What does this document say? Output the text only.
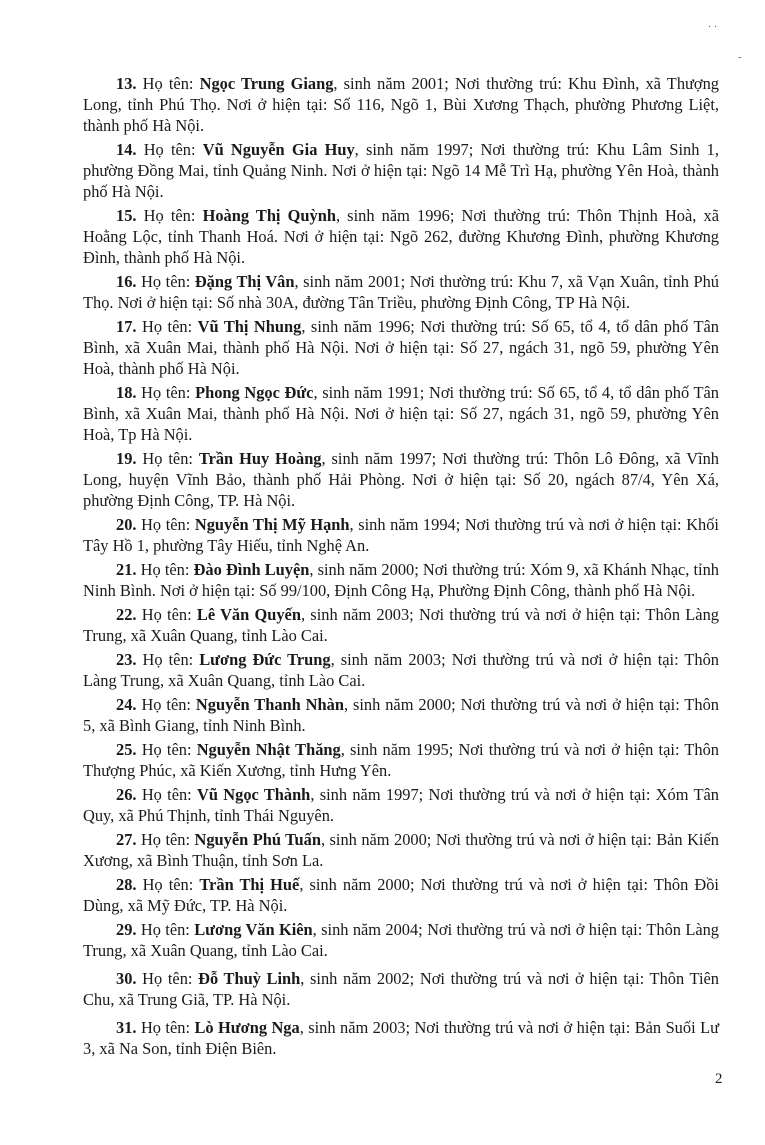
· ·
-

13. Họ tên: Ngọc Trung Giang, sinh năm 2001; Nơi thường trú: Khu Đình, xã Thượng Long, tỉnh Phú Thọ. Nơi ở hiện tại: Số 116, Ngõ 1, Bùi Xương Thạch, phường Phương Liệt, thành phố Hà Nội.

14. Họ tên: Vũ Nguyễn Gia Huy, sinh năm 1997; Nơi thường trú: Khu Lâm Sinh 1, phường Đồng Mai, tỉnh Quảng Ninh. Nơi ở hiện tại: Ngõ 14 Mễ Trì Hạ, phường Yên Hoà, thành phố Hà Nội.

15. Họ tên: Hoàng Thị Quỳnh, sinh năm 1996; Nơi thường trú: Thôn Thịnh Hoà, xã Hoằng Lộc, tỉnh Thanh Hoá. Nơi ở hiện tại: Ngõ 262, đường Khương Đình, phường Khương Đình, thành phố Hà Nội.

16. Họ tên: Đặng Thị Vân, sinh năm 2001; Nơi thường trú: Khu 7, xã Vạn Xuân, tỉnh Phú Thọ. Nơi ở hiện tại: Số nhà 30A, đường Tân Triều, phường Định Công, TP Hà Nội.

17. Họ tên: Vũ Thị Nhung, sinh năm 1996; Nơi thường trú: Số 65, tổ 4, tổ dân phố Tân Bình, xã Xuân Mai, thành phố Hà Nội. Nơi ở hiện tại: Số 27, ngách 31, ngõ 59, phường Yên Hoà, thành phố Hà Nội.

18. Họ tên: Phong Ngọc Đức, sinh năm 1991; Nơi thường trú: Số 65, tổ 4, tổ dân phố Tân Bình, xã Xuân Mai, thành phố Hà Nội. Nơi ở hiện tại: Số 27, ngách 31, ngõ 59, phường Yên Hoà, Tp Hà Nội.

19. Họ tên: Trần Huy Hoàng, sinh năm 1997; Nơi thường trú: Thôn Lô Đông, xã Vĩnh Long, huyện Vĩnh Bảo, thành phố Hải Phòng. Nơi ở hiện tại: Số 20, ngách 87/4, Yên Xá, phường Định Công, TP. Hà Nội.

20. Họ tên: Nguyễn Thị Mỹ Hạnh, sinh năm 1994; Nơi thường trú và nơi ở hiện tại: Khối Tây Hồ 1, phường Tây Hiếu, tỉnh Nghệ An.

21. Họ tên: Đào Đình Luyện, sinh năm 2000; Nơi thường trú: Xóm 9, xã Khánh Nhạc, tỉnh Ninh Bình. Nơi ở hiện tại: Số 99/100, Định Công Hạ, Phường Định Công, thành phố Hà Nội.

22. Họ tên: Lê Văn Quyến, sinh năm 2003; Nơi thường trú và nơi ở hiện tại: Thôn Làng Trung, xã Xuân Quang, tỉnh Lào Cai.

23. Họ tên: Lương Đức Trung, sinh năm 2003; Nơi thường trú và nơi ở hiện tại: Thôn Làng Trung, xã Xuân Quang, tỉnh Lào Cai.

24. Họ tên: Nguyễn Thanh Nhàn, sinh năm 2000; Nơi thường trú và nơi ở hiện tại: Thôn 5, xã Bình Giang, tỉnh Ninh Bình.

25. Họ tên: Nguyễn Nhật Thăng, sinh năm 1995; Nơi thường trú và nơi ở hiện tại: Thôn Thượng Phúc, xã Kiến Xương, tỉnh Hưng Yên.

26. Họ tên: Vũ Ngọc Thành, sinh năm 1997; Nơi thường trú và nơi ở hiện tại: Xóm Tân Quy, xã Phú Thịnh, tỉnh Thái Nguyên.

27. Họ tên: Nguyễn Phú Tuấn, sinh năm 2000; Nơi thường trú và nơi ở hiện tại: Bản Kiến Xương, xã Bình Thuận, tỉnh Sơn La.

28. Họ tên: Trần Thị Huế, sinh năm 2000; Nơi thường trú và nơi ở hiện tại: Thôn Đồi Dùng, xã Mỹ Đức, TP. Hà Nội.

29. Họ tên: Lương Văn Kiên, sinh năm 2004; Nơi thường trú và nơi ở hiện tại: Thôn Làng Trung, xã Xuân Quang, tỉnh Lào Cai.

30. Họ tên: Đỗ Thuỳ Linh, sinh năm 2002; Nơi thường trú và nơi ở hiện tại: Thôn Tiên Chu, xã Trung Giã, TP. Hà Nội.

31. Họ tên: Lò Hương Nga, sinh năm 2003; Nơi thường trú và nơi ở hiện tại: Bản Suối Lư 3, xã Na Son, tỉnh Điện Biên.

2
